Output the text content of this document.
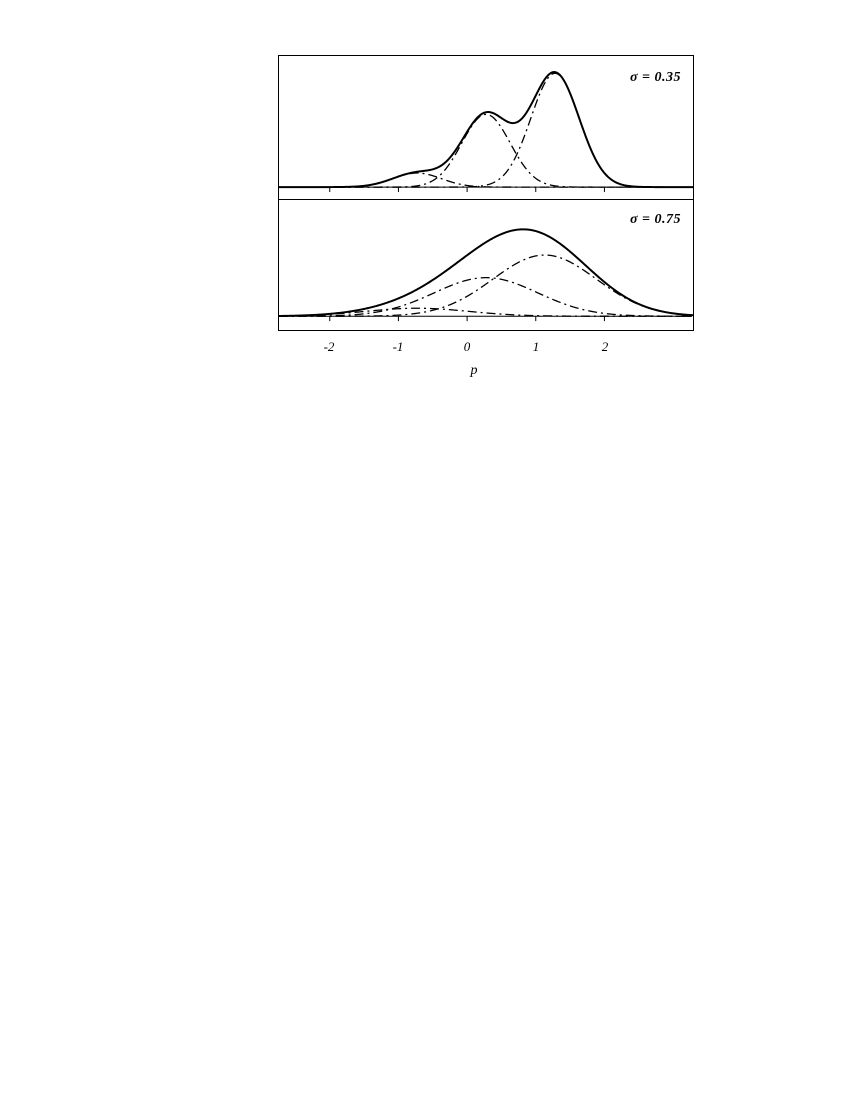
σ = 0.35
σ = 0.75
-2	-1	0	1	2
p
